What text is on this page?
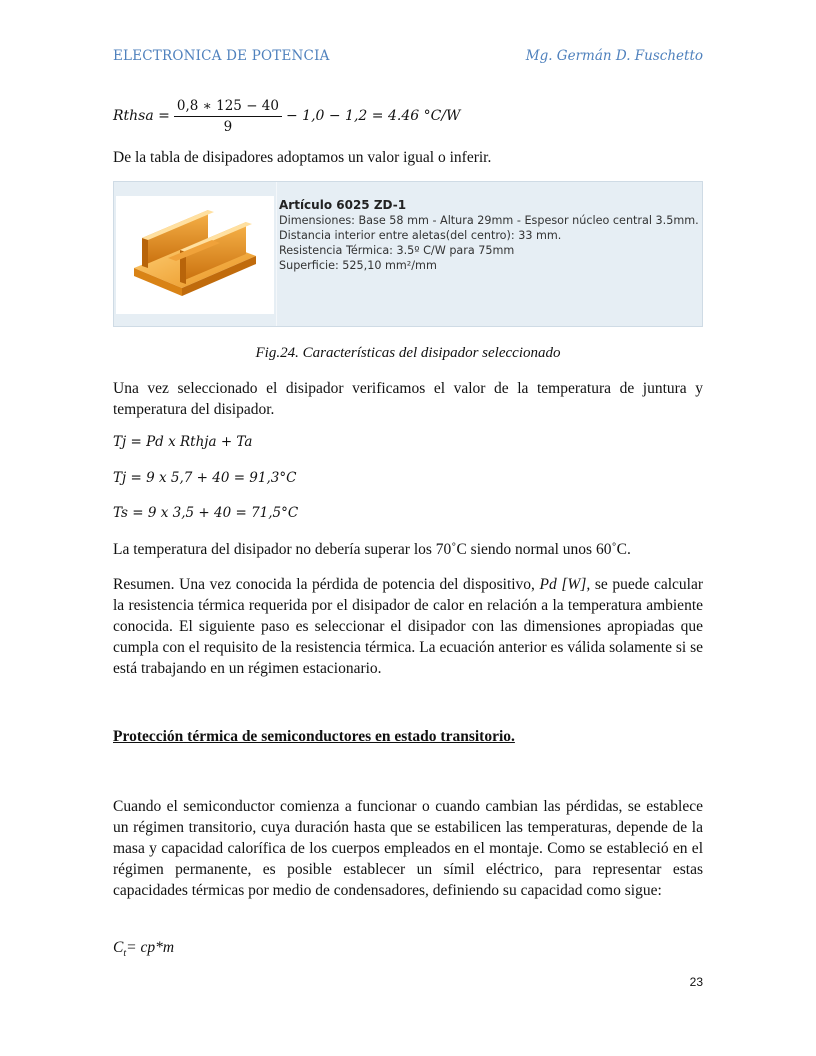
ELECTRONICA DE POTENCIA	Mg. Germán D. Fuschetto
Rthsa = $\frac{0,8 ∗ 125 - 40}{9} - 1,0 - 1,2 = 4.46$ °C/W

De la tabla de disipadores adoptamos un valor igual o inferir.

Artículo 6025 ZD-1
Dimensiones: Base 58 mm - Altura 29mm - Espesor núcleo central 3.5mm.
Distancia interior entre aletas(del centro): 33 mm.
Resistencia Térmica: 3.5º C/W para 75mm
Superficie: 525,10 mm²/mm
Fig.24. Características del disipador seleccionado

Una vez seleccionado el disipador verificamos el valor de la temperatura de juntura y temperatura del disipador.

Tj = Pd x Rthja + Ta
Tj = 9 x 5,7 + 40 = 91,3°C
Ts = 9 x 3,5 + 40 = 71,5°C

La temperatura del disipador no debería superar los 70˚C siendo normal unos 60˚C.

Resumen. Una vez conocida la pérdida de potencia del dispositivo, Pd [W], se puede calcular la resistencia térmica requerida por el disipador de calor en relación a la temperatura ambiente conocida. El siguiente paso es seleccionar el disipador con las dimensiones apropiadas que cumpla con el requisito de la resistencia térmica. La ecuación anterior es válida solamente si se está trabajando en un régimen estacionario.

Protección térmica de semiconductores en estado transitorio.

Cuando el semiconductor comienza a funcionar o cuando cambian las pérdidas, se establece un régimen transitorio, cuya duración hasta que se estabilicen las temperaturas, depende de la masa y capacidad calorífica de los cuerpos empleados en el montaje. Como se estableció en el régimen permanente, es posible establecer un símil eléctrico, para representar estas capacidades térmicas por medio de condensadores, definiendo su capacidad como sigue:

$C_t= cp*m$
23
